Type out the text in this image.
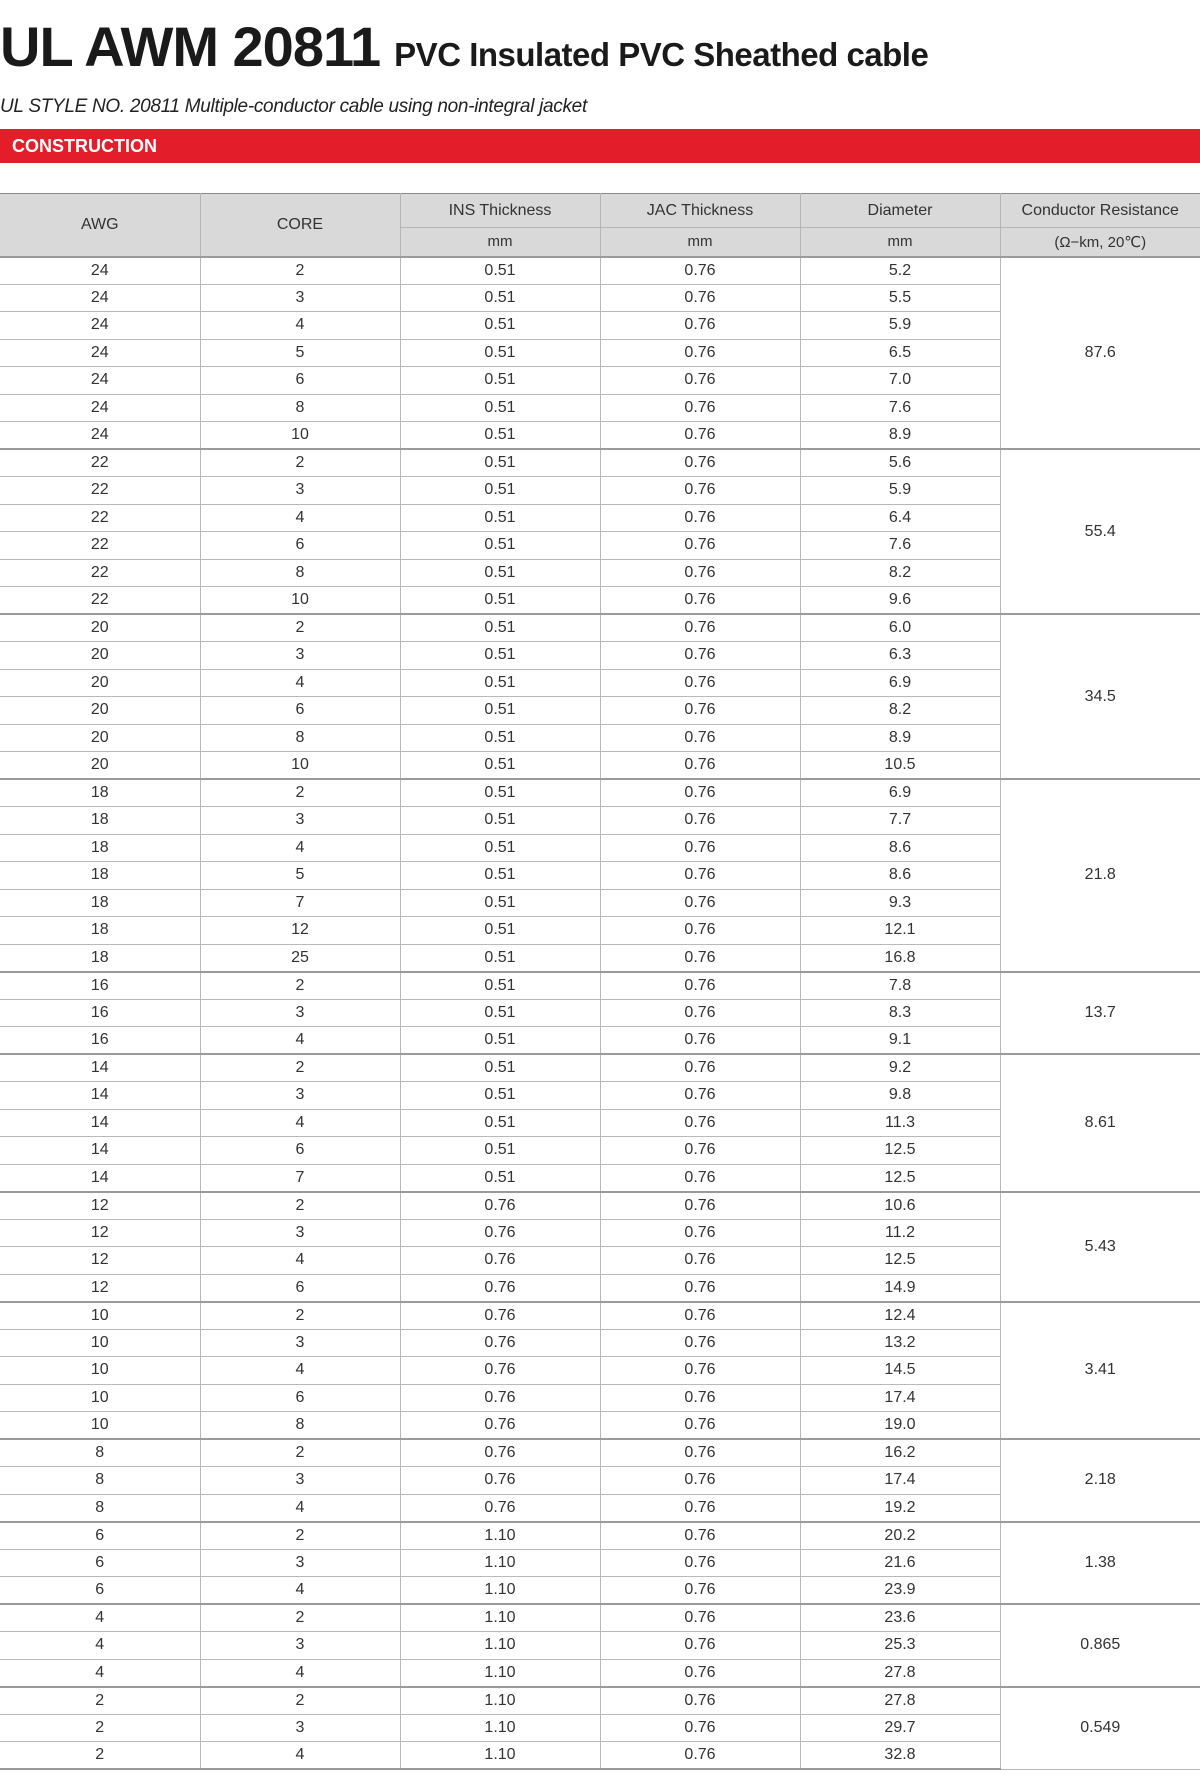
UL AWM 20811 PVC Insulated PVC Sheathed cable
UL STYLE NO. 20811 Multiple-conductor cable using non-integral jacket
CONSTRUCTION
AWG	CORE	INS Thickness	JAC Thickness	Diameter	Conductor Resistance
		mm	mm	mm	(Ω−km, 20℃)
24	2	0.51	0.76	5.2	87.6
24	3	0.51	0.76	5.5	
24	4	0.51	0.76	5.9	
24	5	0.51	0.76	6.5	
24	6	0.51	0.76	7.0	
24	8	0.51	0.76	7.6	
24	10	0.51	0.76	8.9	
22	2	0.51	0.76	5.6	55.4
22	3	0.51	0.76	5.9	
22	4	0.51	0.76	6.4	
22	6	0.51	0.76	7.6	
22	8	0.51	0.76	8.2	
22	10	0.51	0.76	9.6	
20	2	0.51	0.76	6.0	34.5
20	3	0.51	0.76	6.3	
20	4	0.51	0.76	6.9	
20	6	0.51	0.76	8.2	
20	8	0.51	0.76	8.9	
20	10	0.51	0.76	10.5	
18	2	0.51	0.76	6.9	21.8
18	3	0.51	0.76	7.7	
18	4	0.51	0.76	8.6	
18	5	0.51	0.76	8.6	
18	7	0.51	0.76	9.3	
18	12	0.51	0.76	12.1	
18	25	0.51	0.76	16.8	
16	2	0.51	0.76	7.8	13.7
16	3	0.51	0.76	8.3	
16	4	0.51	0.76	9.1	
14	2	0.51	0.76	9.2	8.61
14	3	0.51	0.76	9.8	
14	4	0.51	0.76	11.3	
14	6	0.51	0.76	12.5	
14	7	0.51	0.76	12.5	
12	2	0.76	0.76	10.6	5.43
12	3	0.76	0.76	11.2	
12	4	0.76	0.76	12.5	
12	6	0.76	0.76	14.9	
10	2	0.76	0.76	12.4	3.41
10	3	0.76	0.76	13.2	
10	4	0.76	0.76	14.5	
10	6	0.76	0.76	17.4	
10	8	0.76	0.76	19.0	
8	2	0.76	0.76	16.2	2.18
8	3	0.76	0.76	17.4	
8	4	0.76	0.76	19.2	
6	2	1.10	0.76	20.2	1.38
6	3	1.10	0.76	21.6	
6	4	1.10	0.76	23.9	
4	2	1.10	0.76	23.6	0.865
4	3	1.10	0.76	25.3	
4	4	1.10	0.76	27.8	
2	2	1.10	0.76	27.8	0.549
2	3	1.10	0.76	29.7	
2	4	1.10	0.76	32.8	
